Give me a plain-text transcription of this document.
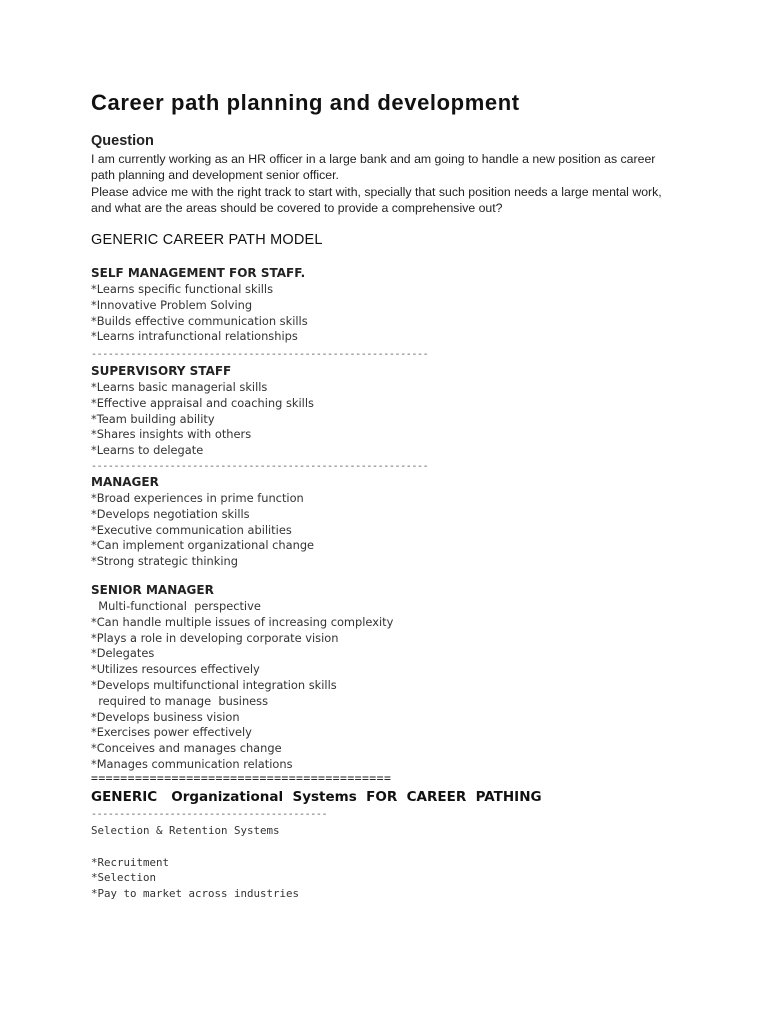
Career path planning and development
Question
I am currently working as an HR officer in a large bank and am going to handle a new position as career
path planning and development senior officer.
Please advice me with the right track to start with, specially that such position needs a large mental work,
and what are the areas should be covered to provide a comprehensive out?
GENERIC CAREER PATH MODEL
SELF MANAGEMENT FOR STAFF.
*Learns specific functional skills
*Innovative Problem Solving
*Builds effective communication skills
*Learns intrafunctional relationships
------------------------------------------------------------
SUPERVISORY STAFF
*Learns basic managerial skills
*Effective appraisal and coaching skills
*Team building ability
*Shares insights with others
*Learns to delegate
------------------------------------------------------------
MANAGER
*Broad experiences in prime function
*Develops negotiation skills
*Executive communication abilities
*Can implement organizational change
*Strong strategic thinking
SENIOR MANAGER
Multi-functional  perspective
*Can handle multiple issues of increasing complexity
*Plays a role in developing corporate vision
*Delegates
*Utilizes resources effectively
*Develops multifunctional integration skills
required to manage  business
*Develops business vision
*Exercises power effectively
*Conceives and manages change
*Manages communication relations
=========================================
GENERIC   Organizational  Systems  FOR  CAREER  PATHING
------------------------------------------
Selection & Retention Systems
*Recruitment
*Selection
*Pay to market across industries
